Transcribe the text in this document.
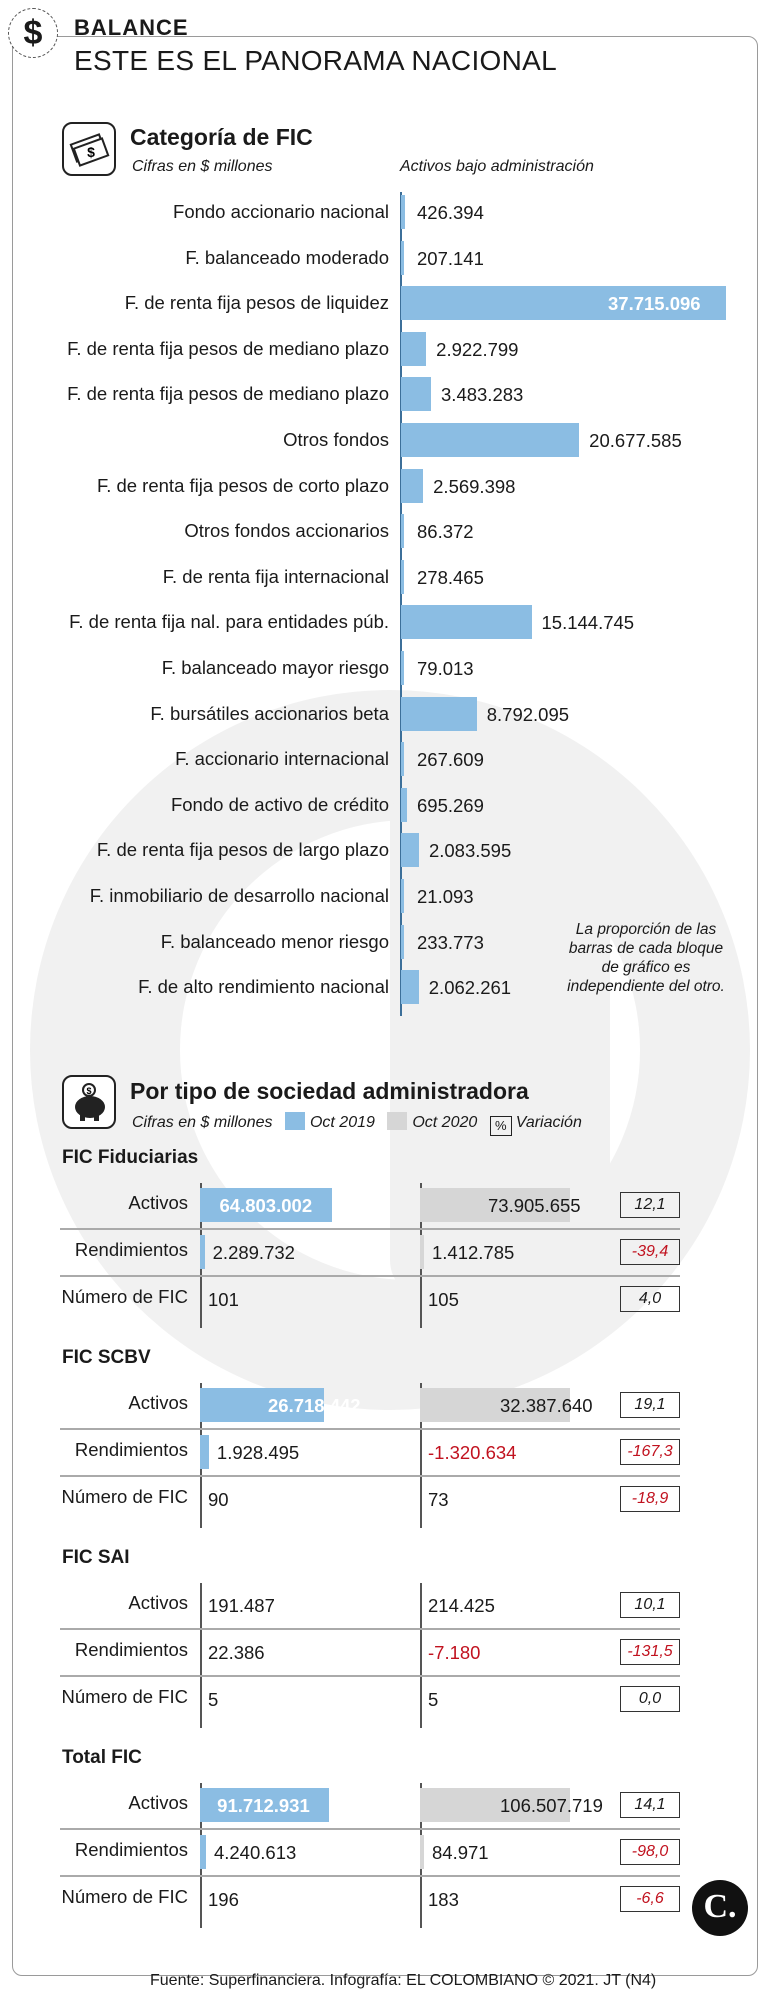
$	BALANCE
ESTE ES EL PANORAMA NACIONAL
$
Categoría de FIC
Cifras en $ millones	Activos bajo administración
La proporción de las barras de cada bloque de gráfico es independiente del otro.
$ Por tipo de sociedad administradora
Cifras en $ millones Oct 2019 Oct 2020 % Variación
Fuente: Superfinanciera. Infografía: EL COLOMBIANO © 2021. JT (N4)
C.
Fondo accionario nacional 426.394
F. balanceado moderado 207.141
F. de renta fija pesos de liquidez	37.715.096
F. de renta fija pesos de mediano plazo	2.922.799
F. de renta fija pesos de mediano plazo	3.483.283
Otros fondos	20.677.585
F. de renta fija pesos de corto plazo 2.569.398
Otros fondos accionarios 86.372
F. de renta fija internacional 278.465
F. de renta fija nal. para entidades púb.	15.144.745
F. balanceado mayor riesgo 79.013
F. bursátiles accionarios beta	8.792.095
F. accionario internacional 267.609
Fondo de activo de crédito 695.269
F. de renta fija pesos de largo plazo 2.083.595
F. inmobiliario de desarrollo nacional 21.093
F. balanceado menor riesgo 233.773
F. de alto rendimiento nacional 2.062.261
FIC Fiduciarias
Activos 64.803.002	73.905.655	12,1
Rendimientos 2.289.732	1.412.785	-39,4
Número de FIC 101	105	4,0
FIC SCBV
Activos	26.718.442	32.387.640	19,1
Rendimientos 1.928.495	-1.320.634	-167,3
Número de FIC 90	73	-18,9
FIC SAI
Activos 191.487	214.425	10,1
Rendimientos 22.386	-7.180	-131,5
Número de FIC 5	5	0,0
Total FIC
Activos 91.712.931	106.507.719	14,1
Rendimientos 4.240.613	84.971	-98,0
Número de FIC 196	183	-6,6
